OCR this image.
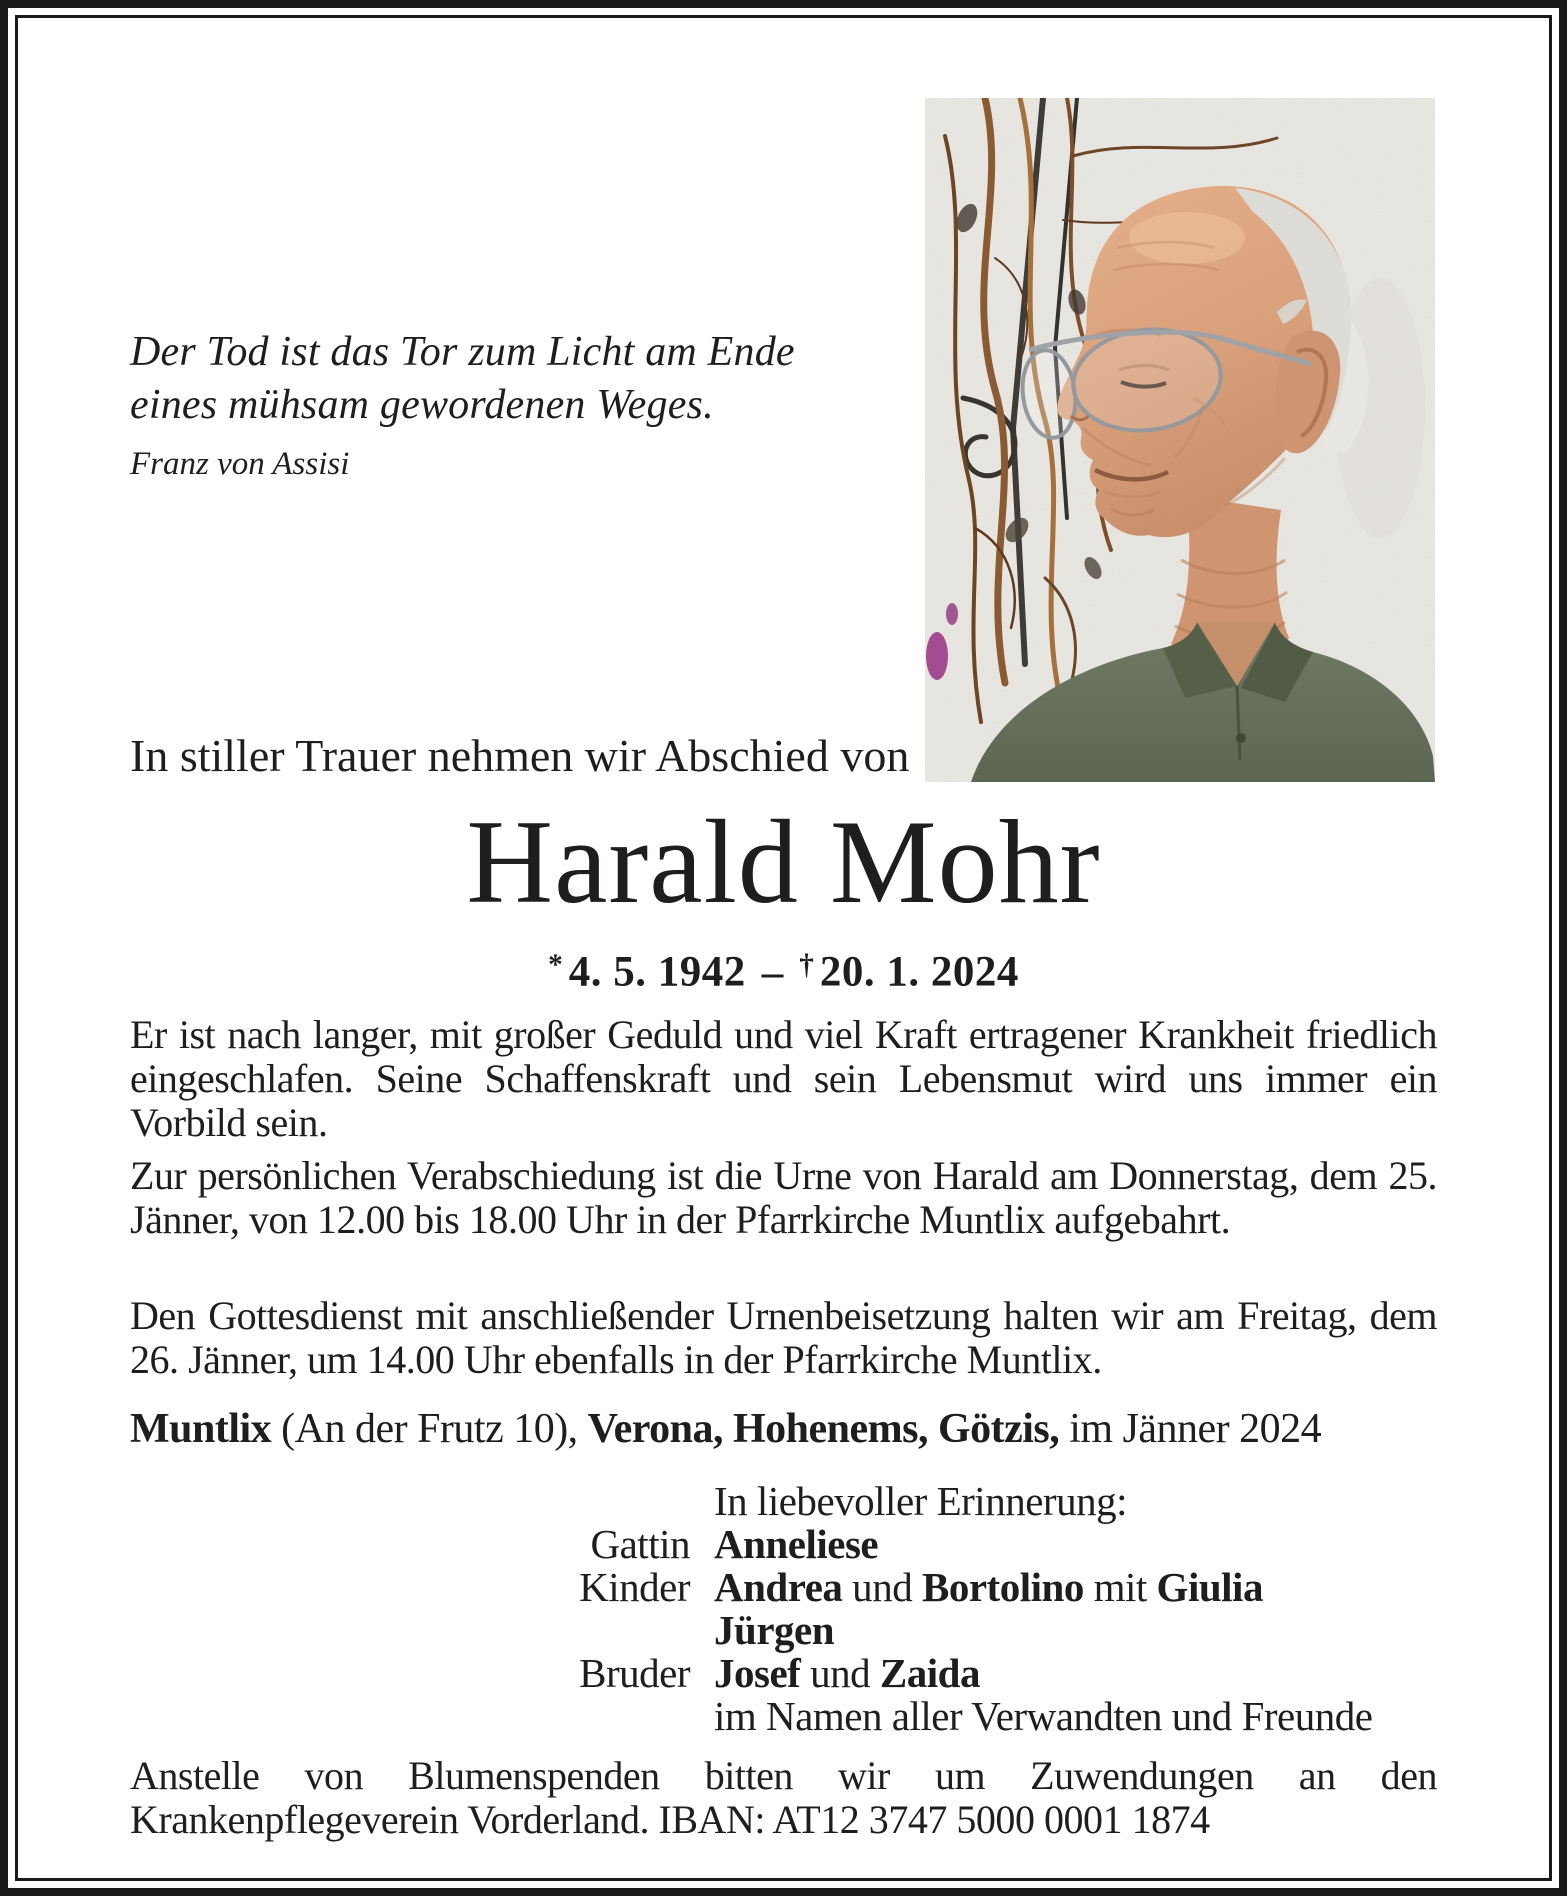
Der Tod ist das Tor zum Licht am Ende
eines mühsam gewordenen Weges.
Franz von Assisi
In stiller Trauer nehmen wir Abschied von
Harald Mohr
* 4. 5. 1942 – † 20. 1. 2024
Er ist nach langer, mit großer Geduld und viel Kraft ertragener Krankheit friedlich eingeschlafen. Seine Schaffenskraft und sein Lebensmut wird uns immer ein Vorbild sein.
Zur persönlichen Verabschiedung ist die Urne von Harald am Donnerstag, dem 25. Jänner, von 12.00 bis 18.00 Uhr in der Pfarrkirche Muntlix aufgebahrt.
Den Gottesdienst mit anschließender Urnenbeisetzung halten wir am Freitag, dem 26. Jänner, um 14.00 Uhr ebenfalls in der Pfarrkirche Muntlix.
Muntlix (An der Frutz 10), Verona, Hohenems, Götzis, im Jänner 2024
In liebevoller Erinnerung:
Gattin Anneliese
Kinder Andrea und Bortolino mit Giulia
Jürgen
Bruder Josef und Zaida
im Namen aller Verwandten und Freunde
Anstelle von Blumenspenden bitten wir um Zuwendungen an den Krankenpflegeverein Vorderland. IBAN: AT12 3747 5000 0001 1874
